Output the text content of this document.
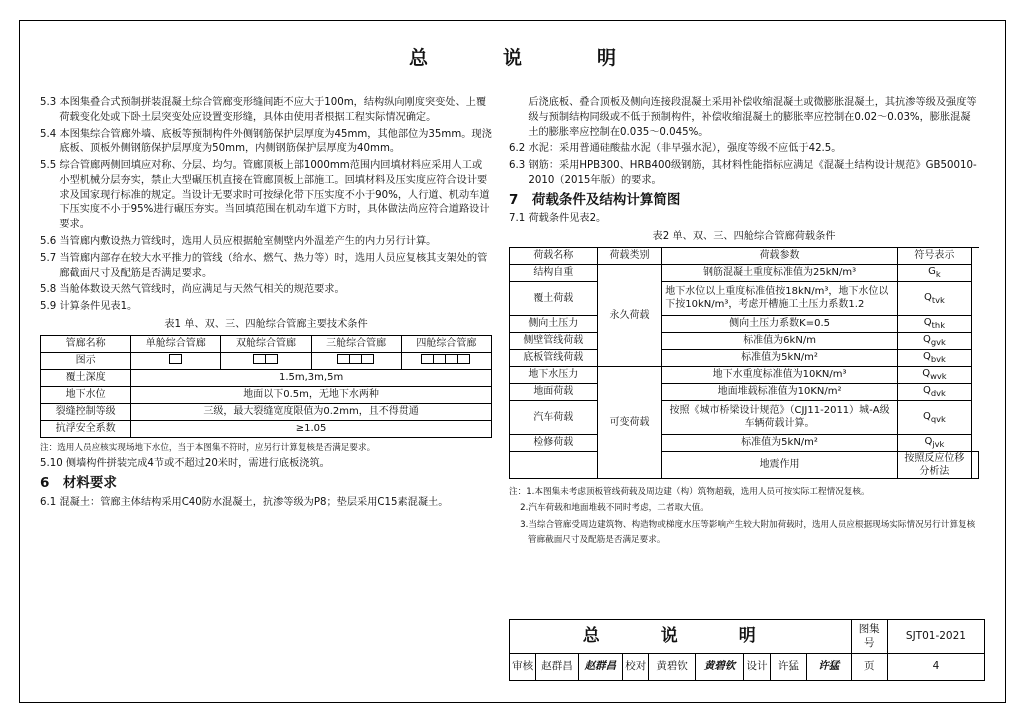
总　说　明

5.3 本图集叠合式预制拼装混凝土综合管廊变形缝间距不应大于100m，结构纵向刚度突变处、上覆荷载变化处或下卧土层突变处应设置变形缝，具体由使用者根据工程实际情况确定。

5.4 本图集综合管廊外墙、底板等预制构件外侧钢筋保护层厚度为45mm，其他部位为35mm。现浇底板、顶板外侧钢筋保护层厚度为50mm，内侧钢筋保护层厚度为40mm。

5.5 综合管廊两侧回填应对称、分层、均匀。管廊顶板上部1000mm范围内回填材料应采用人工或小型机械分层夯实，禁止大型碾压机直接在管廊顶板上部施工。回填材料及压实度应符合设计要求及国家现行标准的规定。当设计无要求时可按绿化带下压实度不小于90%，人行道、机动车道下压实度不小于95%进行碾压夯实。当回填范围在机动车道下方时，具体做法尚应符合道路设计要求。

5.6 当管廊内敷设热力管线时，选用人员应根据舱室侧壁内外温差产生的内力另行计算。

5.7 当管廊内部存在较大水平推力的管线（给水、燃气、热力等）时，选用人员应复核其支架处的管廊截面尺寸及配筋是否满足要求。

5.8 当舱体数设天然气管线时，尚应满足与天然气相关的规范要求。

5.9 计算条件见表1。

表1 单、双、三、四舱综合管廊主要技术条件
管廊名称	单舱综合管廊	双舱综合管廊	三舱综合管廊	四舱综合管廊
图示	

覆土深度	1.5m,3m,5m			
地下水位	地面以下0.5m，无地下水两种			
裂缝控制等级	三级，最大裂缝宽度限值为0.2mm，且不得贯通			
抗浮安全系数	≥1.05			

注：选用人员应核实现场地下水位，当于本图集不符时，应另行计算复核是否满足要求。

5.10 侧墙构件拼装完成4节或不超过20米时，需进行底板浇筑。

6　材料要求

6.1 混凝土：管廊主体结构采用C40防水混凝土，抗渗等级为P8；垫层采用C15素混凝土。

后浇底板、叠合顶板及侧向连接段混凝土采用补偿收缩混凝土或微膨胀混凝土，其抗渗等级及强度等级与预制结构同级或不低于预制构件，补偿收缩混凝土的膨胀率应控制在0.02～0.03%，膨胀混凝土的膨胀率应控制在0.035～0.045%。

6.2 水泥：采用普通硅酸盐水泥（非早强水泥），强度等级不应低于42.5。

6.3 钢筋：采用HPB300、HRB400级钢筋，其材料性能指标应满足《混凝土结构设计规范》GB50010-2010（2015年版）的要求。

7　荷载条件及结构计算简图

7.1 荷载条件见表2。

表2 单、双、三、四舱综合管廊荷载条件
荷载名称	荷载类别	荷载参数	符号表示	
结构自重	永久荷载	钢筋混凝土重度标准值为25kN/m³	$G_k$
覆土荷载		地下水位以上重度标准值按18kN/m³，地下水位以下按10kN/m³，考虑开槽施工土压力系数1.2	$Q_{tvk}$
侧向土压力		侧向土压力系数K=0.5	$Q_{thk}$
侧壁管线荷载		标准值为6kN/m	$Q_{gvk}$
底板管线荷载		标准值为5kN/m²	$Q_{bvk}$
地下水压力	可变荷载	地下水重度标准值为10KN/m³	$Q_{wvk}$
地面荷载		地面堆载标准值为10KN/m²	$Q_{dvk}$
汽车荷载		按照《城市桥梁设计规范》（CJJ11-2011）城-A级车辆荷载计算。	$Q_{qvk}$
检修荷载		标准值为5kN/m²	$Q_{jvk}$
		地震作用	按照反应位移分析法	

注：1.本图集未考虑顶板管线荷载及周边建（构）筑物超载，选用人员可按实际工程情况复核。

2.汽车荷载和地面堆载不同时考虑，二者取大值。

3.当综合管廊受周边建筑物、构造物或梯度水压等影响产生较大附加荷载时，选用人员应根据现场实际情况另行计算复核管廊截面尺寸及配筋是否满足要求。

总　说　明									图集号	SJT01-2021
审核	赵群昌	赵群昌	校对	黄碧钦	黄碧钦	设计	许猛	许猛	页	4
